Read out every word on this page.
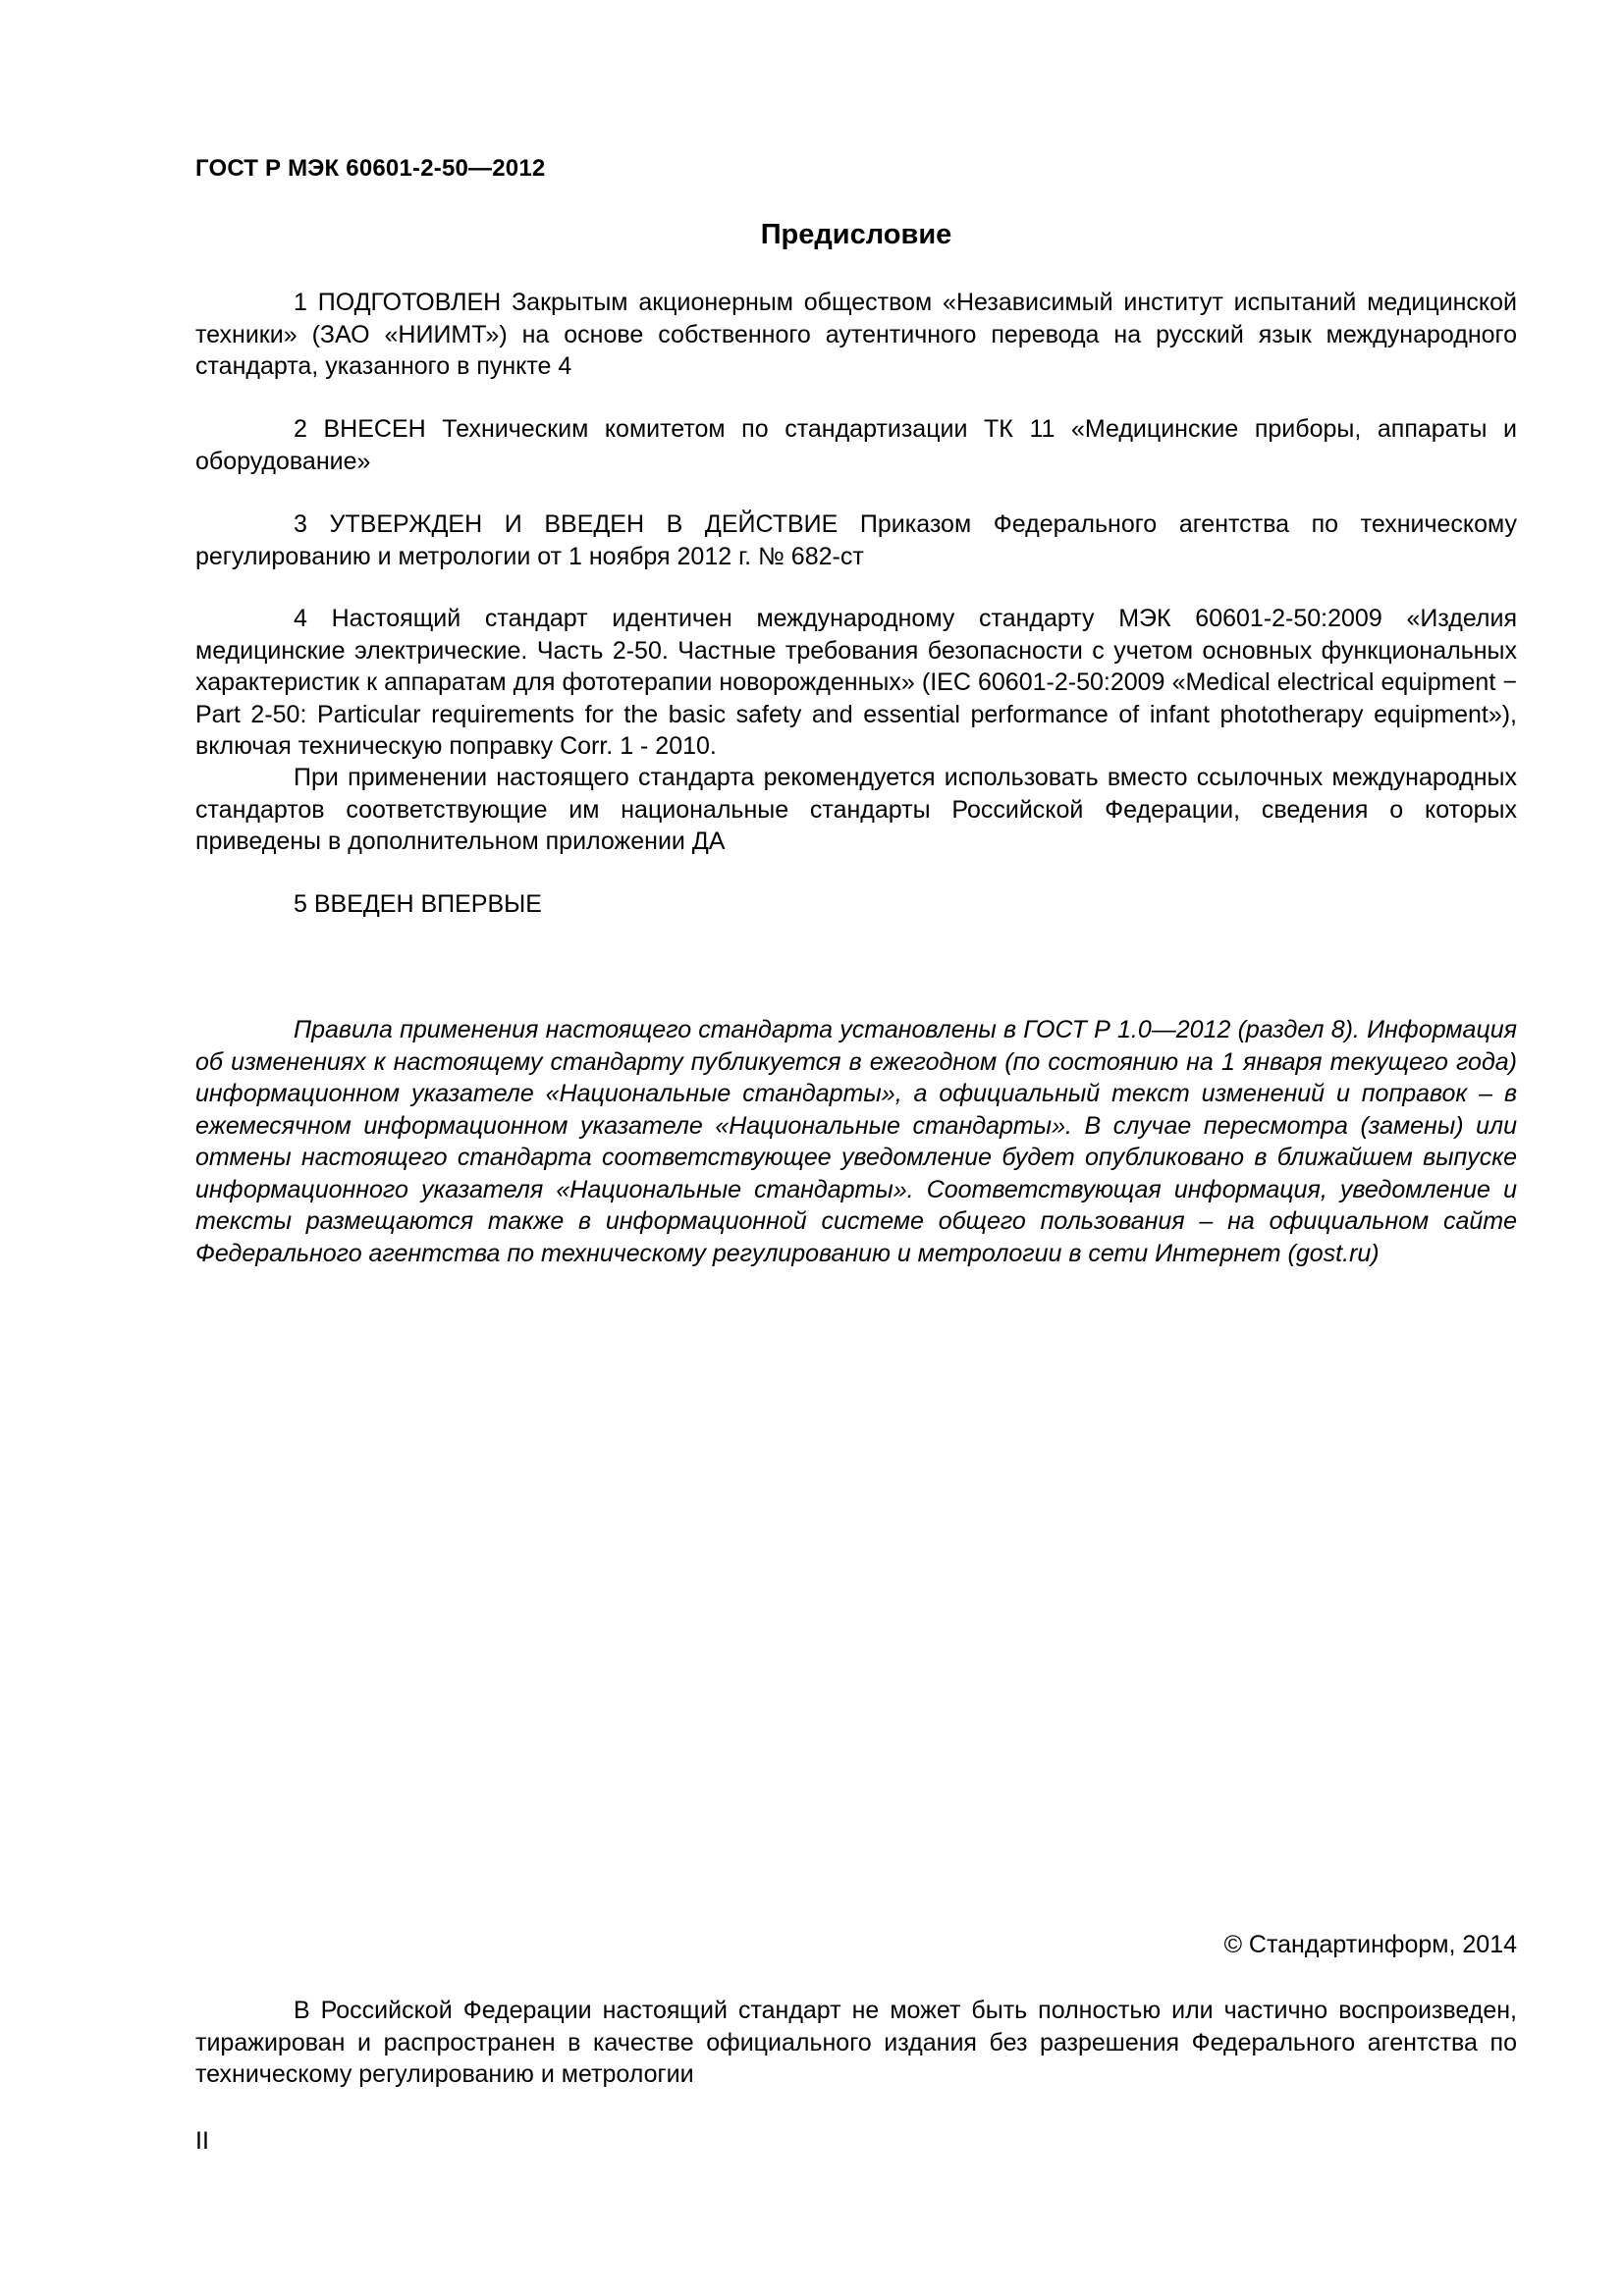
ГОСТ Р МЭК 60601-2-50—2012
Предисловие

1 ПОДГОТОВЛЕН Закрытым акционерным обществом «Независимый институт испытаний медицинской техники» (ЗАО «НИИМТ») на основе собственного аутентичного перевода на русский язык международного стандарта, указанного в пункте 4

2 ВНЕСЕН Техническим комитетом по стандартизации ТК 11 «Медицинские приборы, аппараты и оборудование»

3 УТВЕРЖДЕН И ВВЕДЕН В ДЕЙСТВИЕ Приказом Федерального агентства по техническому регулированию и метрологии от 1 ноября 2012 г. № 682-ст

4 Настоящий стандарт идентичен международному стандарту МЭК 60601-2-50:2009 «Изделия медицинские электрические. Часть 2-50. Частные требования безопасности с учетом основных функциональных характеристик к аппаратам для фототерапии новорожденных» (IEC 60601-2-50:2009 «Medical electrical equipment − Part 2-50: Particular requirements for the basic safety and essential performance of infant phototherapy equipment»), включая техническую поправку Corr. 1 - 2010.

При применении настоящего стандарта рекомендуется использовать вместо ссылочных международных стандартов соответствующие им национальные стандарты Российской Федерации, сведения о которых приведены в дополнительном приложении ДА

5 ВВЕДЕН ВПЕРВЫЕ

Правила применения настоящего стандарта установлены в ГОСТ Р 1.0—2012 (раздел 8). Информация об изменениях к настоящему стандарту публикуется в ежегодном (по состоянию на 1 января текущего года) информационном указателе «Национальные стандарты», а официальный текст изменений и поправок – в ежемесячном информационном указателе «Национальные стандарты». В случае пересмотра (замены) или отмены настоящего стандарта соответствующее уведомление будет опубликовано в ближайшем выпуске информационного указателя «Национальные стандарты». Соответствующая информация, уведомление и тексты размещаются также в информационной системе общего пользования – на официальном сайте Федерального агентства по техническому регулированию и метрологии в сети Интернет (gost.ru)

© Стандартинформ, 2014

В Российской Федерации настоящий стандарт не может быть полностью или частично воспроизведен, тиражирован и распространен в качестве официального издания без разрешения Федерального агентства по техническому регулированию и метрологии

II
